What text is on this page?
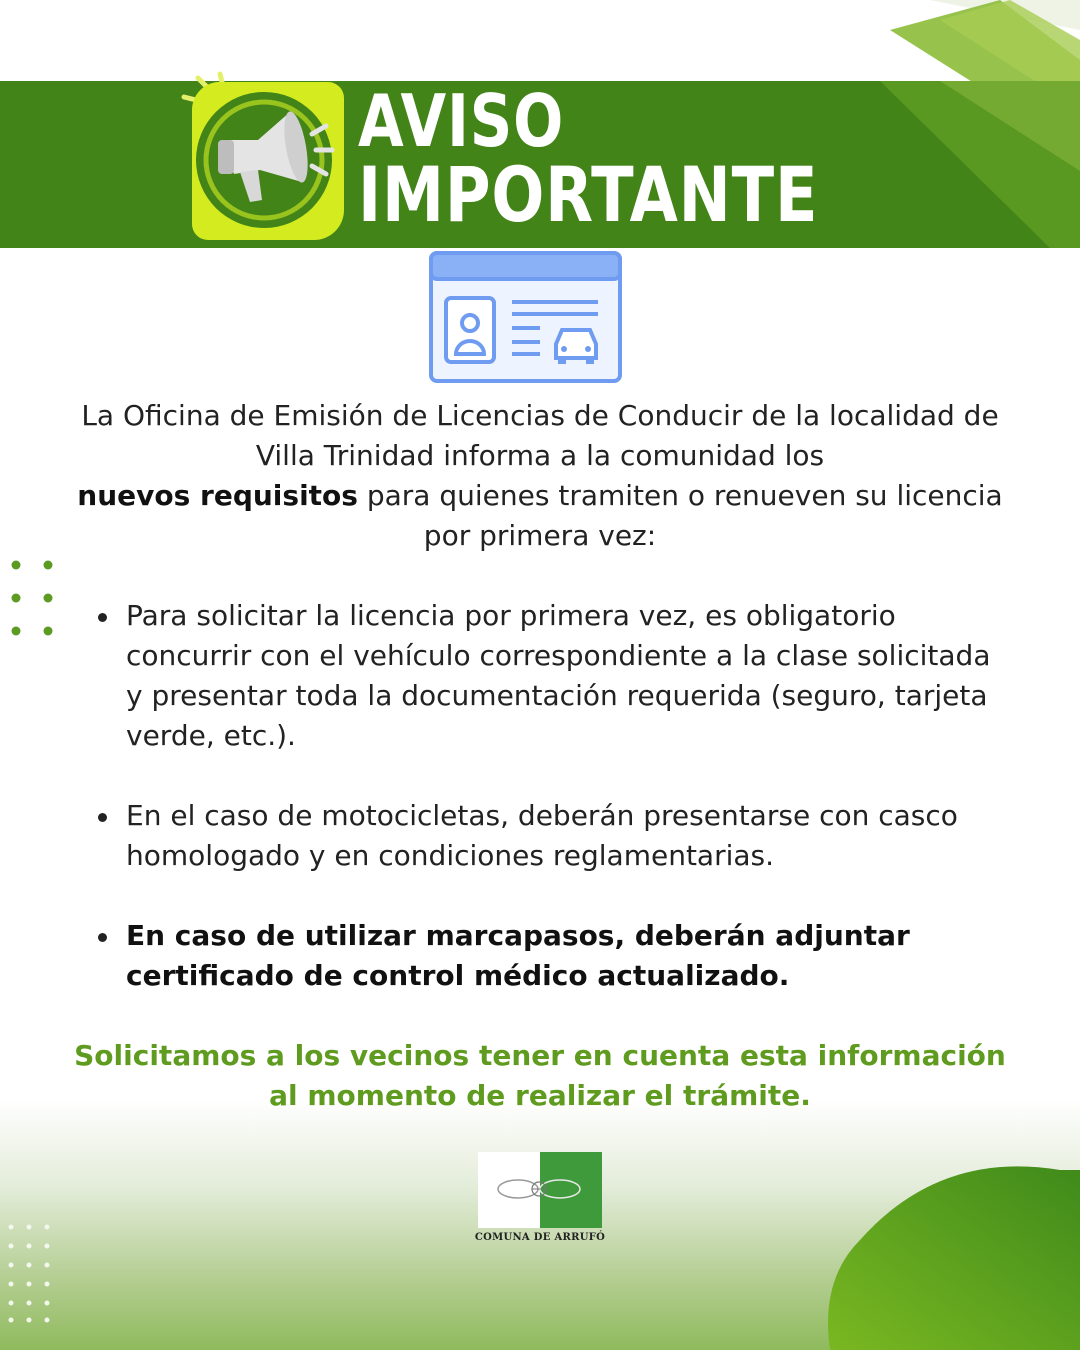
AVISO
IMPORTANTE
La Oficina de Emisión de Licencias de Conducir de la localidad de Villa Trinidad informa a la comunidad los
nuevos requisitos para quienes tramiten o renueven su licencia por primera vez:
Para solicitar la licencia por primera vez, es obligatorio concurrir con el vehículo correspondiente a la clase solicitada y presentar toda la documentación requerida (seguro, tarjeta verde, etc.).
En el caso de motocicletas, deberán presentarse con casco homologado y en condiciones reglamentarias.
En caso de utilizar marcapasos, deberán adjuntar certificado de control médico actualizado.
Solicitamos a los vecinos tener en cuenta esta información al momento de realizar el trámite.
COMUNA DE ARRUFÓ
